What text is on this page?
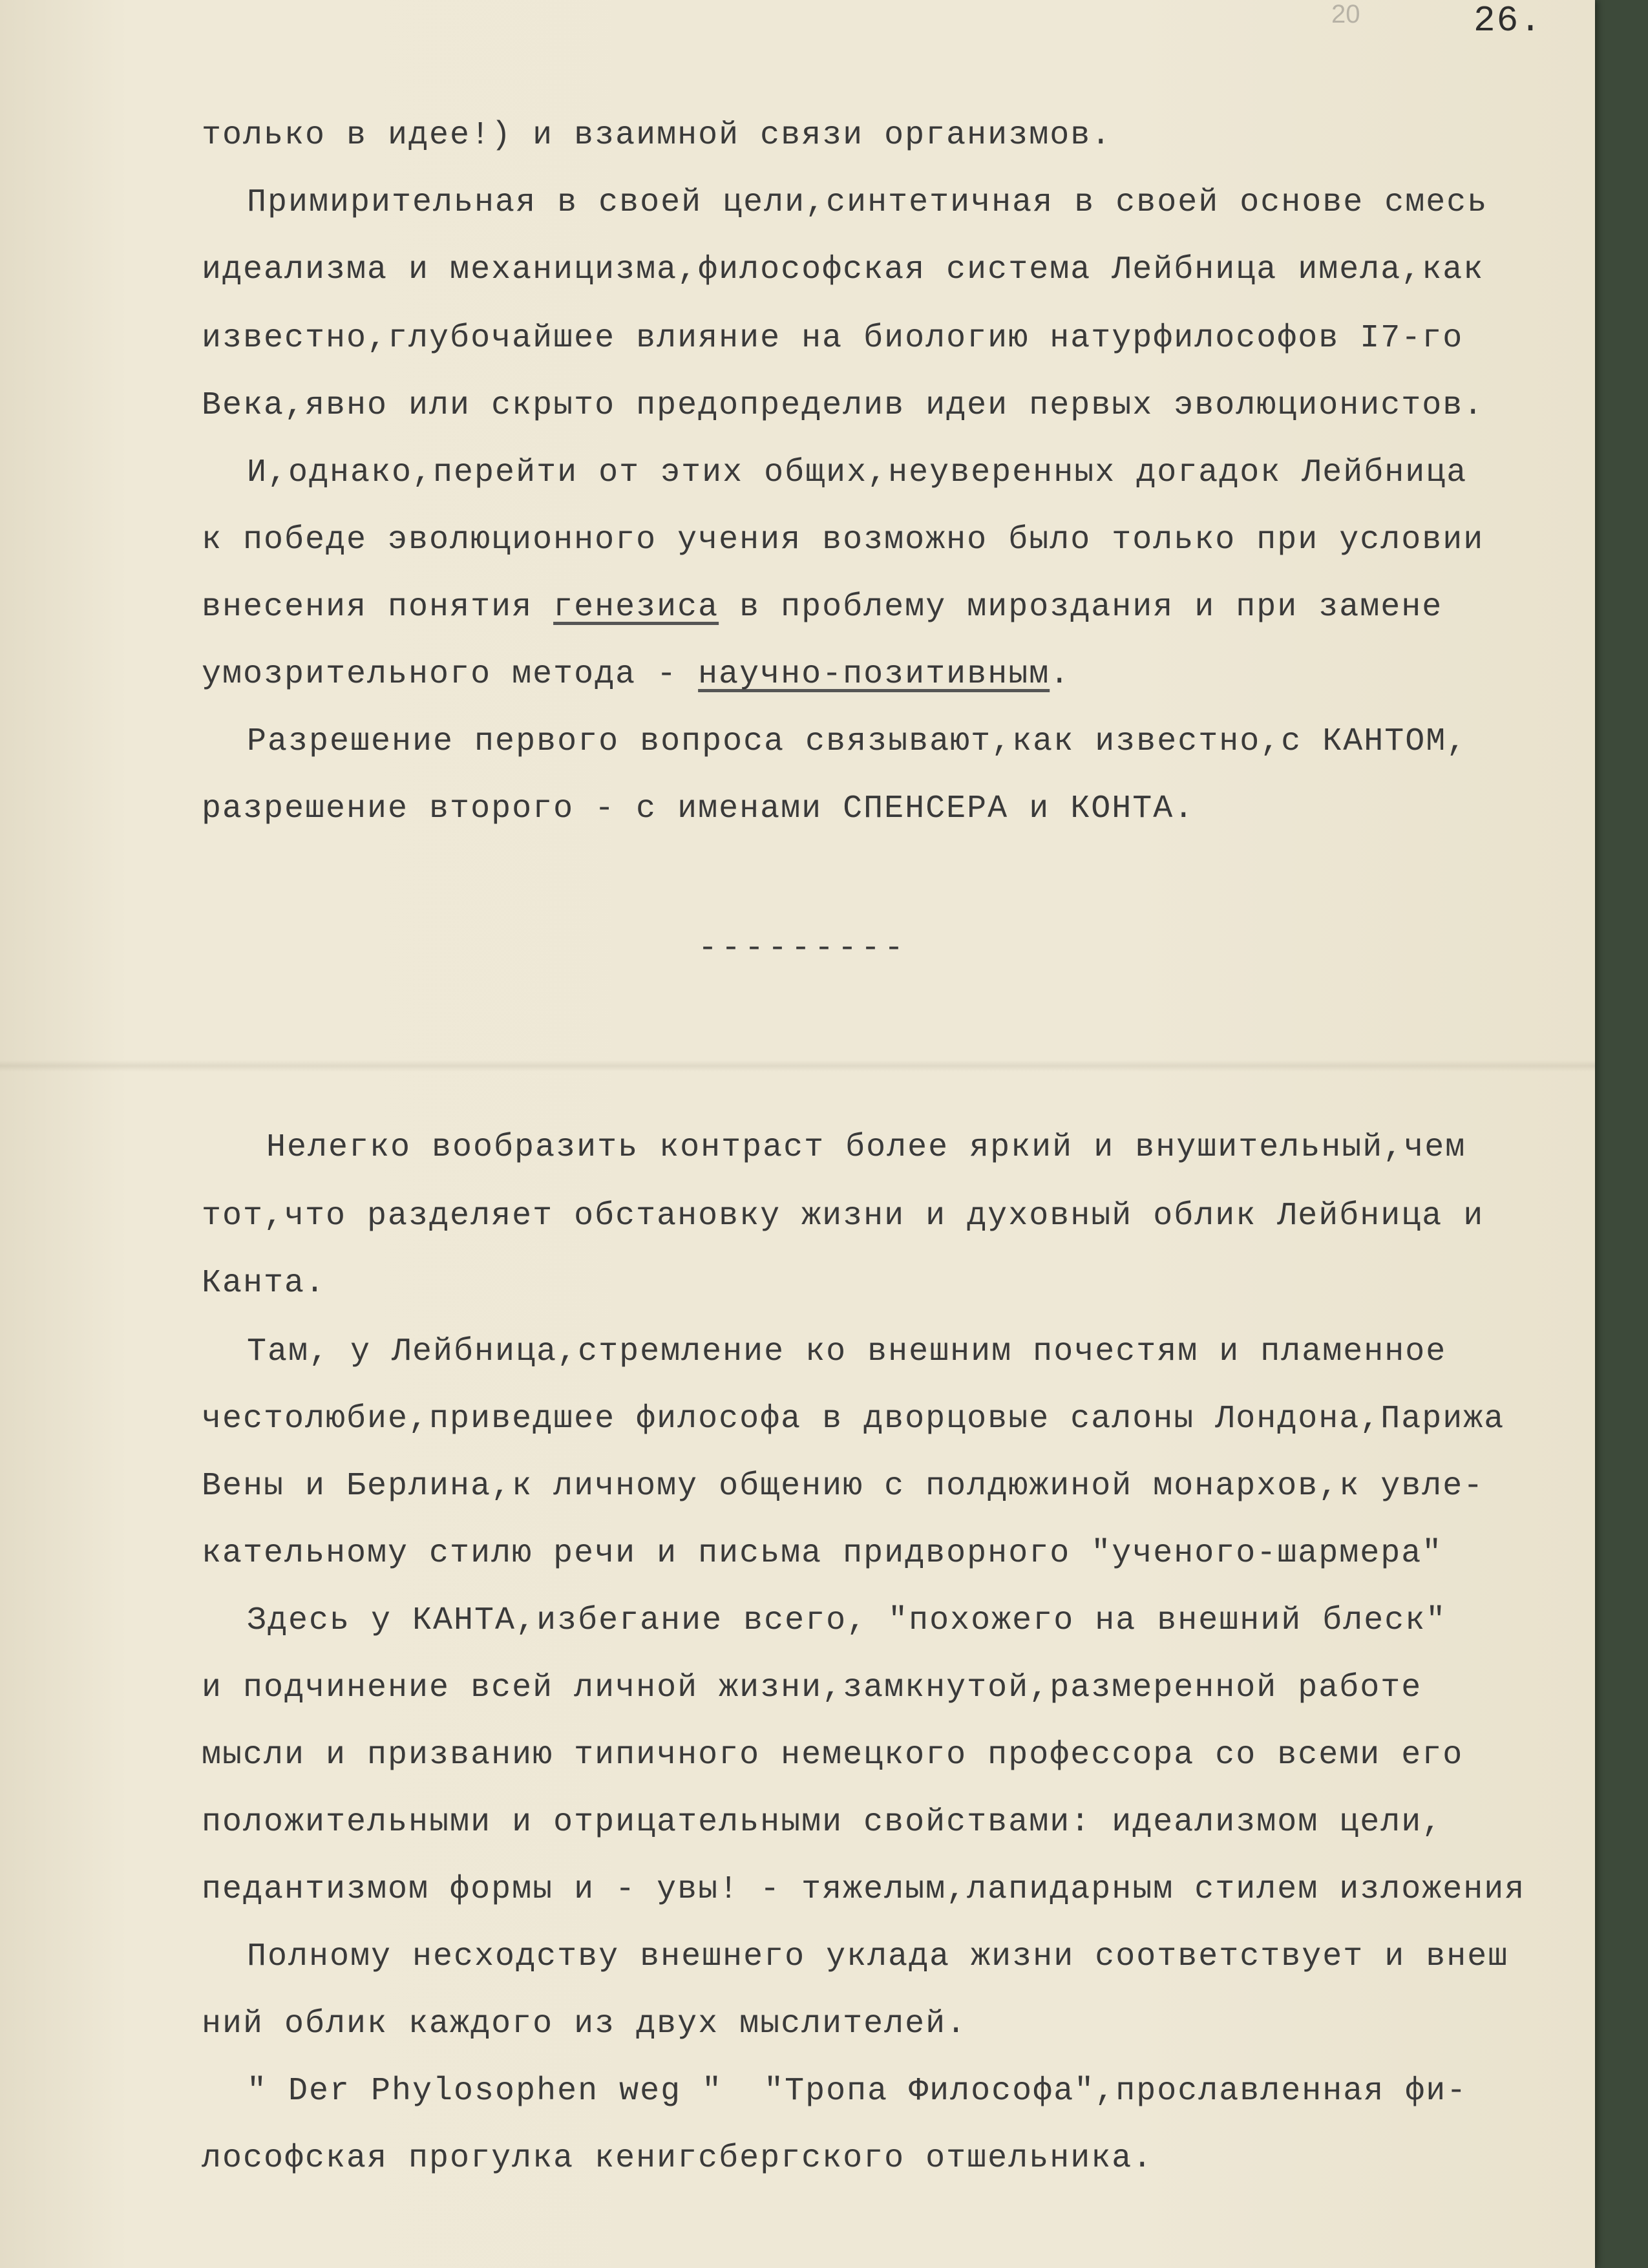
20	26.

только в идее!) и взаимной связи организмов.

Примирительная в своей цели,синтетичная в своей основе смесь

идеализма и механицизма,философская система Лейбница имела,как

известно,глубочайшее влияние на биологию натурфилософов I7-го

Века,явно или скрыто предопределив идеи первых эволюционистов.

И,однако,перейти от этих общих,неуверенных догадок Лейбница

к победе эволюционного учения возможно было только при условии

внесения понятия генезиса в проблему мироздания и при замене

умозрительного метода - научно-позитивным.

Разрешение первого вопроса связывают,как известно,с КАНТОМ,

разрешение второго - с именами СПЕНСЕРА и КОНТА.

---------

Нелегко вообразить контраст более яркий и внушительный,чем

тот,что разделяет обстановку жизни и духовный облик Лейбница и

Канта.

Там, у Лейбница,стремление ко внешним почестям и пламенное

честолюбие,приведшее философа в дворцовые салоны Лондона,Парижа

Вены и Берлина,к личному общению с полдюжиной монархов,к увле-

кательному стилю речи и письма придворного "ученого-шармера"

Здесь у КАНТА,избегание всего, "похожего на внешний блеск"

и подчинение всей личной жизни,замкнутой,размеренной работе

мысли и призванию типичного немецкого профессора со всеми его

положительными и отрицательными свойствами: идеализмом цели,

педантизмом формы и - увы! - тяжелым,лапидарным стилем изложения

Полному несходству внешнего уклада жизни соответствует и внеш

ний облик каждого из двух мыслителей.

" Der Phylosophen weg "  "Тропа Философа",прославленная фи-

лософская прогулка кенигсбергского отшельника.
